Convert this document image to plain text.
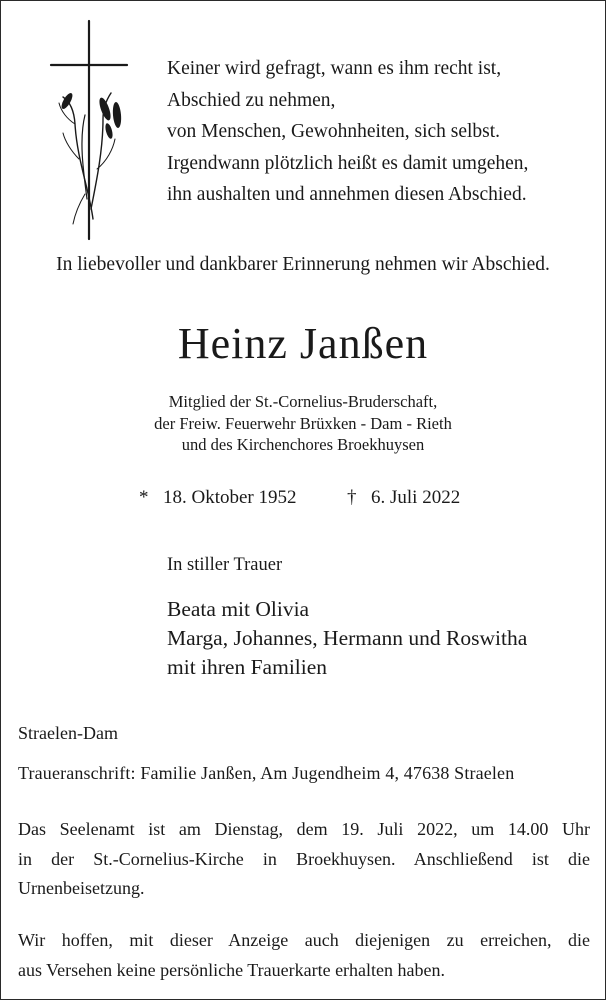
Keiner wird gefragt, wann es ihm recht ist,
Abschied zu nehmen,
von Menschen, Gewohnheiten, sich selbst.
Irgendwann plötzlich heißt es damit umgehen,
ihn aushalten und annehmen diesen Abschied.
In liebevoller und dankbarer Erinnerung nehmen wir Abschied.
Heinz Janßen
Mitglied der St.-Cornelius-Bruderschaft,
der Freiw. Feuerwehr Brüxken - Dam - Rieth
und des Kirchenchores Broekhuysen
* 18. Oktober 1952	† 6. Juli 2022
In stiller Trauer
Beata mit Olivia
Marga, Johannes, Hermann und Roswitha
mit ihren Familien
Straelen-Dam
Traueranschrift: Familie Janßen, Am Jugendheim 4, 47638 Straelen
Das Seelenamt ist am Dienstag, dem 19. Juli 2022, um 14.00 Uhr
in der St.-Cornelius-Kirche in Broekhuysen. Anschließend ist die
Urnenbeisetzung.
Wir hoffen, mit dieser Anzeige auch diejenigen zu erreichen, die
aus Versehen keine persönliche Trauerkarte erhalten haben.
